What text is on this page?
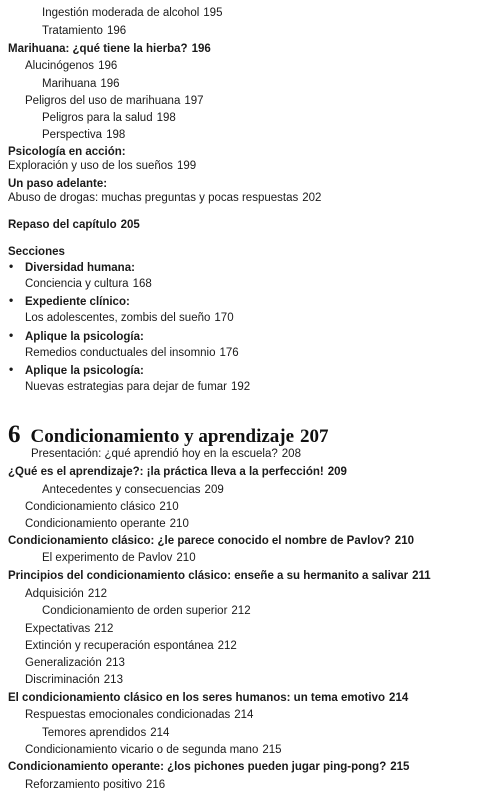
Ingestión moderada de alcohol 195
Tratamiento 196
Marihuana: ¿qué tiene la hierba? 196
Alucinógenos 196
Marihuana 196
Peligros del uso de marihuana 197
Peligros para la salud 198
Perspectiva 198
Psicología en acción:
Exploración y uso de los sueños 199
Un paso adelante:
Abuso de drogas: muchas preguntas y pocas respuestas 202
Repaso del capítulo 205
Secciones
• Diversidad humana:
Conciencia y cultura 168
• Expediente clínico:
Los adolescentes, zombis del sueño 170
• Aplique la psicología:
Remedios conductuales del insomnio 176
• Aplique la psicología:
Nuevas estrategias para dejar de fumar 192
6 Condicionamiento y aprendizaje 207
Presentación: ¿qué aprendió hoy en la escuela? 208
¿Qué es el aprendizaje?: ¡la práctica lleva a la perfección! 209
Antecedentes y consecuencias 209
Condicionamiento clásico 210
Condicionamiento operante 210
Condicionamiento clásico: ¿le parece conocido el nombre de Pavlov? 210
El experimento de Pavlov 210
Principios del condicionamiento clásico: enseñe a su hermanito a salivar 211
Adquisición 212
Condicionamiento de orden superior 212
Expectativas 212
Extinción y recuperación espontánea 212
Generalización 213
Discriminación 213
El condicionamiento clásico en los seres humanos: un tema emotivo 214
Respuestas emocionales condicionadas 214
Temores aprendidos 214
Condicionamiento vicario o de segunda mano 215
Condicionamiento operante: ¿los pichones pueden jugar ping-pong? 215
Reforzamiento positivo 216
